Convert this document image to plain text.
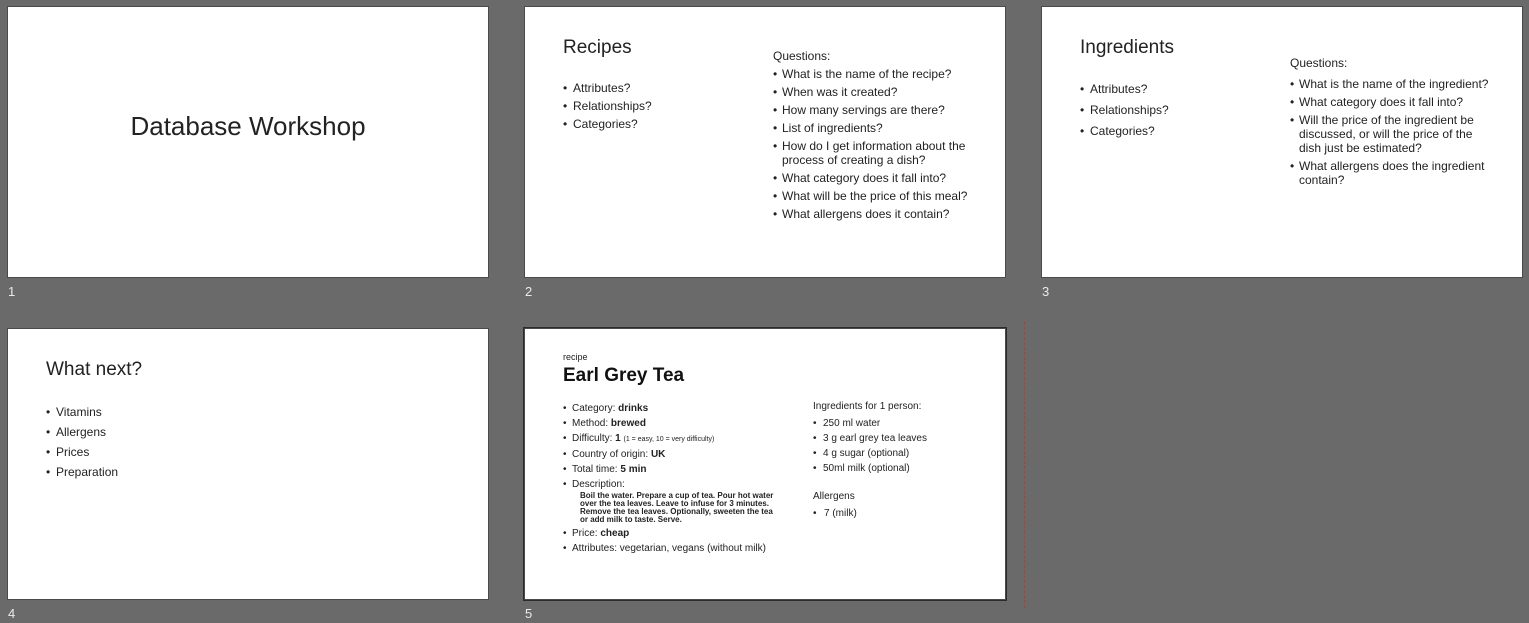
Database Workshop
1
Recipes
• Attributes?
• Relationships?
• Categories?
Questions:
• What is the name of the recipe?
• When was it created?
• How many servings are there?
• List of ingredients?
• How do I get information about the process of creating a dish?
• What category does it fall into?
• What will be the price of this meal?
• What allergens does it contain?
2
Ingredients
• Attributes?
• Relationships?
• Categories?
Questions:
• What is the name of the ingredient?
• What category does it fall into?
• Will the price of the ingredient be discussed, or will the price of the dish just be estimated?
• What allergens does the ingredient contain?
3
What next?
• Vitamins
• Allergens
• Prices
• Preparation
4
recipe
Earl Grey Tea
• Category: drinks
• Method: brewed
• Difficulty: 1 (1 = easy, 10 = very difficulty)
• Country of origin: UK
• Total time: 5 min
• Description:
Boil the water. Prepare a cup of tea. Pour hot water over the tea leaves. Leave to infuse for 3 minutes. Remove the tea leaves. Optionally, sweeten the tea or add milk to taste. Serve.
• Price: cheap
• Attributes: vegetarian, vegans (without milk)
Ingredients for 1 person:
• 250 ml water
• 3 g earl grey tea leaves
• 4 g sugar (optional)
• 50ml milk (optional)
Allergens
• 7 (milk)
5
